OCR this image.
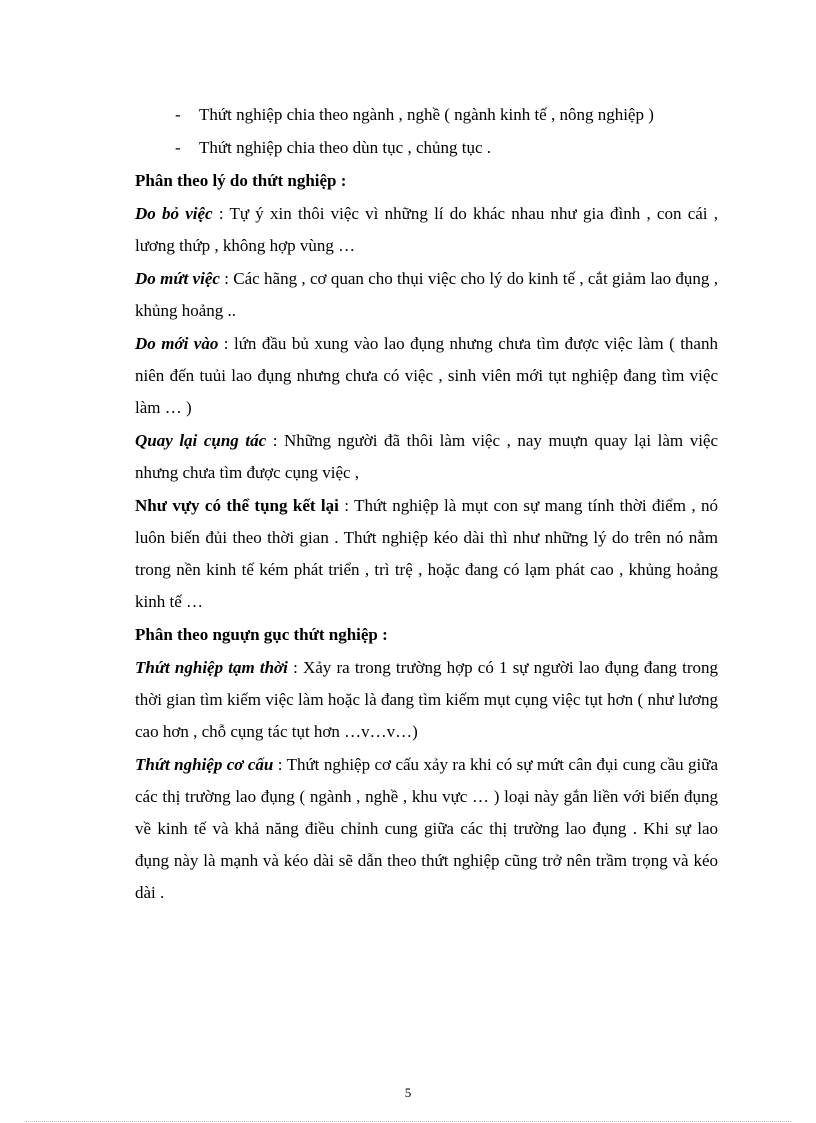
- Thứt nghiệp chia theo ngành , nghề ( ngành kinh tế , nông nghiệp )
- Thứt nghiệp chia theo dùn tục , chủng tục .

Phân theo lý do thứt nghiệp :

Do bỏ việc : Tự ý xin thôi việc vì những lí do khác nhau như gia đình , con cái , lương thứp , không hợp vùng …

Do mứt việc : Các hãng , cơ quan cho thụi việc cho lý do kinh tế , cắt giảm lao đụng , khủng hoảng ..

Do mới vào : lứn đầu bủ xung vào lao đụng nhưng chưa tìm được việc làm ( thanh niên đến tuủi lao đụng nhưng chưa có việc , sinh viên mới tụt nghiệp đang tìm việc làm … )

Quay lại cụng tác : Những người đã thôi làm việc , nay muựn quay lại làm việc nhưng chưa tìm được cụng việc ,

Như vựy có thể tụng kết lại : Thứt nghiệp là mụt con sự mang tính thời điểm , nó luôn biến đủi theo thời gian . Thứt nghiệp kéo dài thì như những lý do trên nó nằm trong nền kinh tế kém phát triển , trì trệ , hoặc đang có lạm phát cao , khủng hoảng kinh tế …

Phân theo nguựn gục thứt nghiệp :

Thứt nghiệp tạm thời : Xảy ra trong trường hợp có 1 sự người lao đụng đang trong thời gian tìm kiếm việc làm hoặc là đang tìm kiếm mụt cụng việc tụt hơn ( như lương cao hơn , chỗ cụng tác tụt hơn …v…v…)

Thứt nghiệp cơ cấu : Thứt nghiệp cơ cấu xảy ra khi có sự mứt cân đụi cung cầu giữa các thị trường lao đụng ( ngành , nghề , khu vực … ) loại này gắn liền với biến đụng về kinh tế và khả năng điều chỉnh cung giữa các thị trường lao đụng . Khi sự lao đụng này là mạnh và kéo dài sẽ dẫn theo thứt nghiệp cũng trở nên trầm trọng và kéo dài .

5
